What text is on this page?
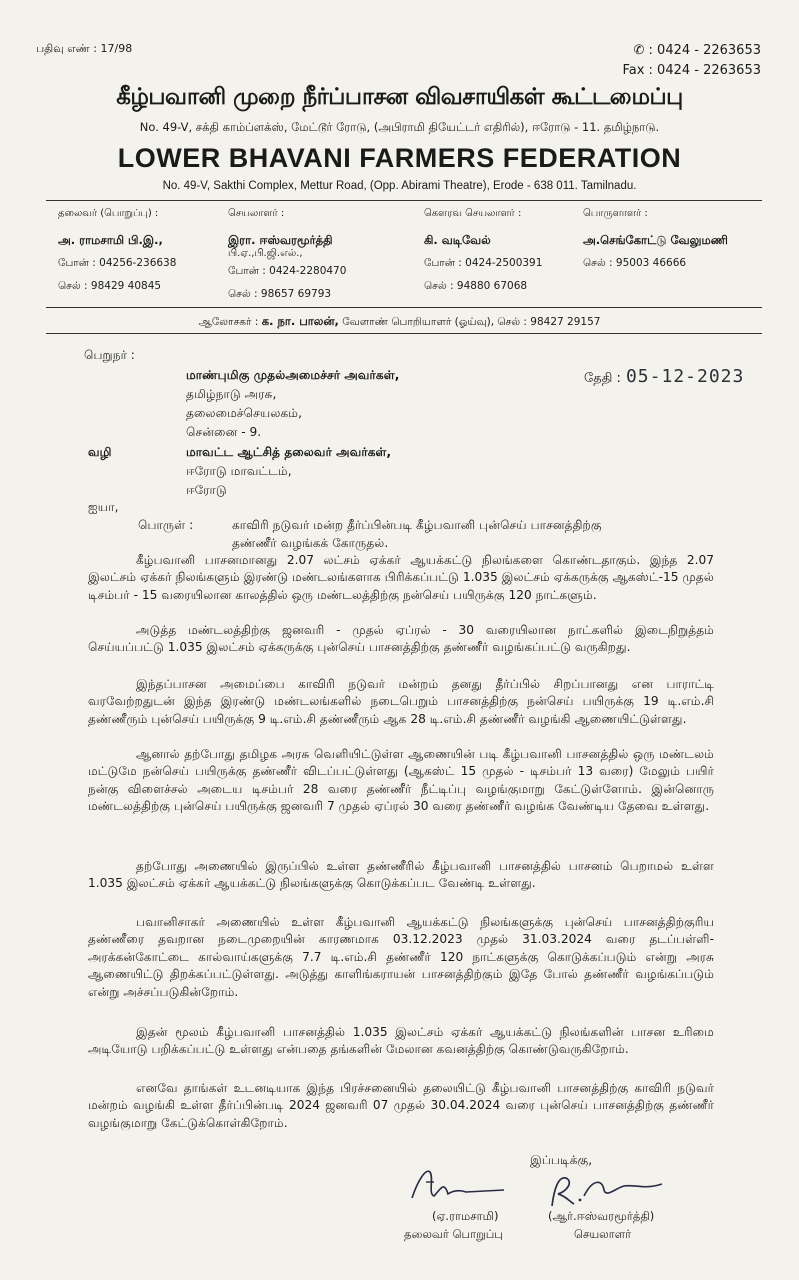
பதிவு எண் : 17/98	✆ : 0424 - 2263653
Fax : 0424 - 2263653
கீழ்பவானி முறை நீர்ப்பாசன விவசாயிகள் கூட்டமைப்பு
No. 49-V, சக்தி காம்ப்ளக்ஸ், மேட்டூர் ரோடு, (அபிராமி தியேட்டர் எதிரில்), ஈரோடு - 11. தமிழ்நாடு.
LOWER BHAVANI FARMERS FEDERATION
No. 49-V, Sakthi Complex, Mettur Road, (Opp. Abirami Theatre), Erode - 638 011. Tamilnadu.
தலைவர் (பொறுப்பு) :
அ. ராமசாமி பி.இ.,
போன் : 04256-236638
செல் : 98429 40845
செயலாளர் :
இரா. ஈஸ்வரமூர்த்தி
பி.ஏ.,பி.ஜி.எல்.,
போன் : 0424-2280470
செல் : 98657 69793
கௌரவ செயலாளர் :
கி. வடிவேல்
போன் : 0424-2500391
செல் : 94880 67068
பொருளாளர் :
அ.செங்கோட்டு வேலுமணி
செல் : 95003 46666
ஆலோசகர் : க. நா. பாலன், வேளாண் பொறியாளர் (ஓய்வு), செல் : 98427 29157
பெறுநர் :
மாண்புமிகு முதல்அமைச்சர் அவர்கள்,
தமிழ்நாடு அரசு,
தலைமைச்செயலகம்,
சென்னை - 9.
தேதி : 05-12-2023
வழி	மாவட்ட ஆட்சித் தலைவர் அவர்கள்,
ஈரோடு மாவட்டம்,
ஈரோடு
ஐயா,
பொருள் :	காவிரி நடுவர் மன்ற தீர்ப்பின்படி கீழ்பவானி புன்செய் பாசனத்திற்கு
தண்ணீர் வழங்கக் கோருதல்.
கீழ்பவானி பாசனமானது 2.07 லட்சம் ஏக்கர் ஆயக்கட்டு நிலங்களை கொண்டதாகும். இந்த 2.07 இலட்சம் ஏக்கர் நிலங்களும் இரண்டு மண்டலங்களாக பிரிக்கப்பட்டு 1.035 இலட்சம் ஏக்கருக்கு ஆகஸ்ட்-15 முதல் டிசம்பர் - 15 வரையிலான காலத்தில் ஒரு மண்டலத்திற்கு நன்செய் பயிருக்கு 120 நாட்களும்.
அடுத்த மண்டலத்திற்கு ஜனவரி - முதல் ஏப்ரல் - 30 வரையிலான நாட்களில் இடைநிறுத்தம் செய்யப்பட்டு 1.035 இலட்சம் ஏக்கருக்கு புன்செய் பாசனத்திற்கு தண்ணீர் வழங்கப்பட்டு வருகிறது.
இந்தப்பாசன அமைப்பை காவிரி நடுவர் மன்றம் தனது தீர்ப்பில் சிறப்பானது என பாராட்டி வரவேற்றதுடன் இந்த இரண்டு மண்டலங்களில் நடைபெறும் பாசனத்திற்கு நன்செய் பயிருக்கு 19 டி.எம்.சி தண்ணீரும் புன்செய் பயிருக்கு 9 டி.எம்.சி தண்ணீரும் ஆக 28 டி.எம்.சி தண்ணீர் வழங்கி ஆணையிட்டுள்ளது.
ஆனால் தற்போது தமிழக அரசு வெளியிட்டுள்ள ஆணையின் படி கீழ்பவானி பாசனத்தில் ஒரு மண்டலம் மட்டுமே நன்செய் பயிருக்கு தண்ணீர் விடப்பட்டுள்ளது (ஆகஸ்ட் 15 முதல் - டிசம்பர் 13 வரை) மேலும் பயிர் நன்கு விளைச்சல் அடைய டிசம்பர் 28 வரை தண்ணீர் நீட்டிப்பு வழங்குமாறு கேட்டுள்ளோம். இன்னொரு மண்டலத்திற்கு புன்செய் பயிருக்கு ஜனவரி 7 முதல் ஏப்ரல் 30 வரை தண்ணீர் வழங்க வேண்டிய தேவை உள்ளது.
தற்போது அணையில் இருப்பில் உள்ள தண்ணீரில் கீழ்பவானி பாசனத்தில் பாசனம் பெறாமல் உள்ள 1.035 இலட்சம் ஏக்கர் ஆயக்கட்டு நிலங்களுக்கு கொடுக்கப்பட வேண்டி உள்ளது.
பவானிசாகர் அணையில் உள்ள கீழ்பவானி ஆயக்கட்டு நிலங்களுக்கு புன்செய் பாசனத்திற்குரிய தண்ணீரை தவறான நடைமுறையின் காரணமாக 03.12.2023 முதல் 31.03.2024 வரை தடப்பள்ளி-அரக்கன்கோட்டை கால்வாய்களுக்கு 7.7 டி.எம்.சி தண்ணீர் 120 நாட்களுக்கு கொடுக்கப்படும் என்று அரசு ஆணையிட்டு திறக்கப்பட்டுள்ளது. அடுத்து காளிங்கராயன் பாசனத்திற்கும் இதே போல் தண்ணீர் வழங்கப்படும் என்று அச்சப்படுகின்றோம்.
இதன் மூலம் கீழ்பவானி பாசனத்தில் 1.035 இலட்சம் ஏக்கர் ஆயக்கட்டு நிலங்களின் பாசன உரிமை அடியோடு பறிக்கப்பட்டு உள்ளது என்பதை தங்களின் மேலான கவனத்திற்கு கொண்டுவருகிறோம்.
எனவே தாங்கள் உடனடியாக இந்த பிரச்சனையில் தலையிட்டு கீழ்பவானி பாசனத்திற்கு காவிரி நடுவர் மன்றம் வழங்கி உள்ள தீர்ப்பின்படி 2024 ஜனவரி 07 முதல் 30.04.2024 வரை புன்செய் பாசனத்திற்கு தண்ணீர் வழங்குமாறு கேட்டுக்கொள்கிறோம்.
இப்படிக்கு,
(ஏ.ராமசாமி)
தலைவர் பொறுப்பு
(ஆர்.ஈஸ்வரமூர்த்தி)
செயலாளர்
